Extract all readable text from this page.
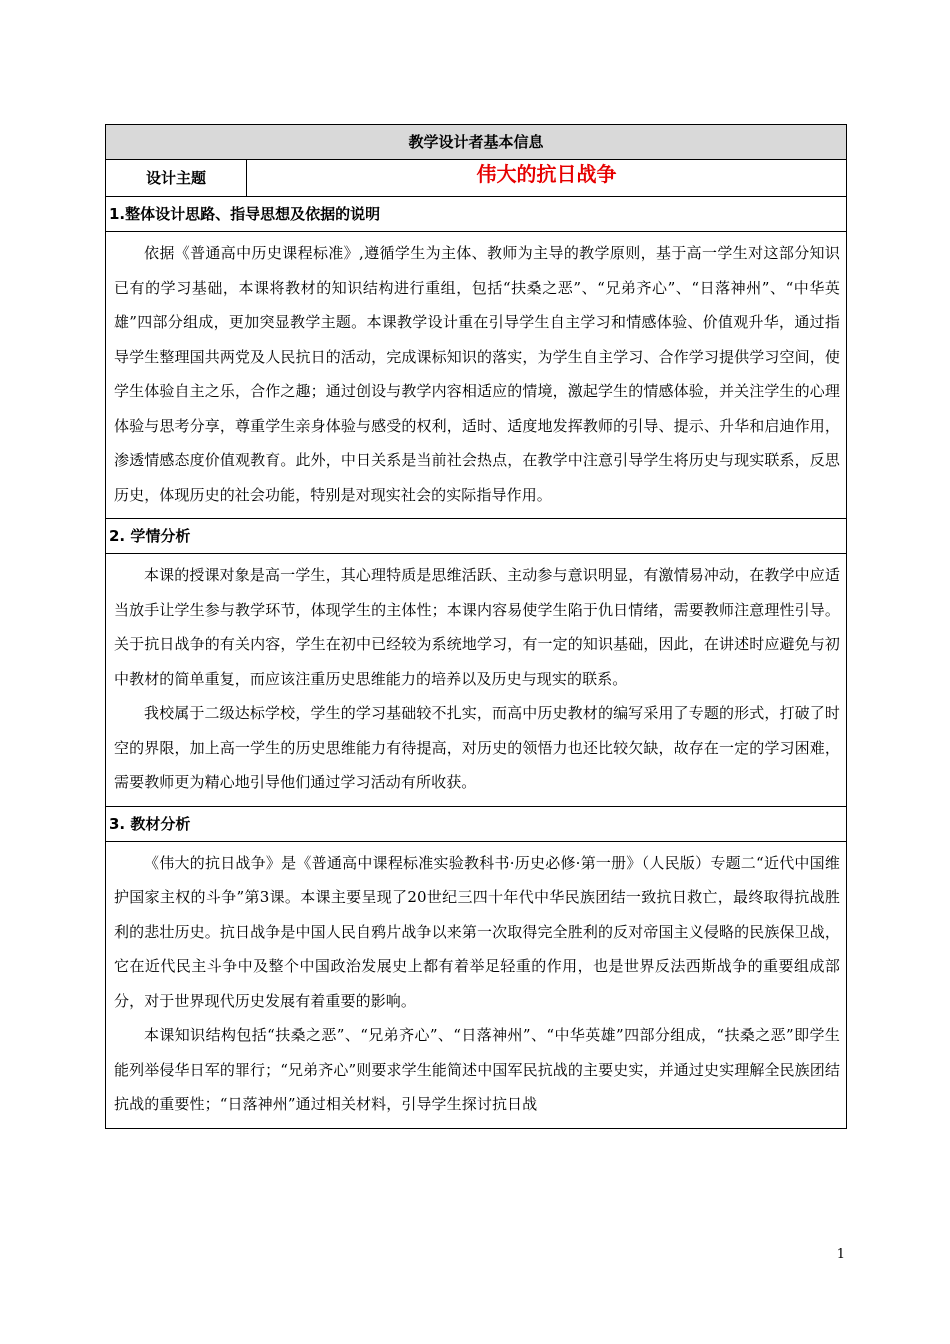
教学设计者基本信息
设计主题	伟大的抗日战争
1.整体设计思路、指导思想及依据的说明

依据《普通高中历史课程标准》,遵循学生为主体、教师为主导的教学原则，基于高一学生对这部分知识已有的学习基础，本课将教材的知识结构进行重组，包括“扶桑之恶”、“兄弟齐心”、“日落神州”、“中华英雄”四部分组成，更加突显教学主题。本课教学设计重在引导学生自主学习和情感体验、价值观升华，通过指导学生整理国共两党及人民抗日的活动，完成课标知识的落实，为学生自主学习、合作学习提供学习空间，使学生体验自主之乐，合作之趣；通过创设与教学内容相适应的情境，激起学生的情感体验，并关注学生的心理体验与思考分享，尊重学生亲身体验与感受的权利，适时、适度地发挥教师的引导、提示、升华和启迪作用，渗透情感态度价值观教育。此外，中日关系是当前社会热点，在教学中注意引导学生将历史与现实联系，反思历史，体现历史的社会功能，特别是对现实社会的实际指导作用。

2. 学情分析

本课的授课对象是高一学生，其心理特质是思维活跃、主动参与意识明显，有激情易冲动，在教学中应适当放手让学生参与教学环节，体现学生的主体性；本课内容易使学生陷于仇日情绪，需要教师注意理性引导。关于抗日战争的有关内容，学生在初中已经较为系统地学习，有一定的知识基础，因此，在讲述时应避免与初中教材的简单重复，而应该注重历史思维能力的培养以及历史与现实的联系。

我校属于二级达标学校，学生的学习基础较不扎实，而高中历史教材的编写采用了专题的形式，打破了时空的界限，加上高一学生的历史思维能力有待提高，对历史的领悟力也还比较欠缺，故存在一定的学习困难，需要教师更为精心地引导他们通过学习活动有所收获。

3. 教材分析

《伟大的抗日战争》是《普通高中课程标准实验教科书·历史必修·第一册》（人民版）专题二“近代中国维护国家主权的斗争”第3课。本课主要呈现了20世纪三四十年代中华民族团结一致抗日救亡，最终取得抗战胜利的悲壮历史。抗日战争是中国人民自鸦片战争以来第一次取得完全胜利的反对帝国主义侵略的民族保卫战，它在近代民主斗争中及整个中国政治发展史上都有着举足轻重的作用，也是世界反法西斯战争的重要组成部分，对于世界现代历史发展有着重要的影响。

本课知识结构包括“扶桑之恶”、“兄弟齐心”、“日落神州”、“中华英雄”四部分组成，“扶桑之恶”即学生能列举侵华日军的罪行；“兄弟齐心”则要求学生能简述中国军民抗战的主要史实，并通过史实理解全民族团结抗战的重要性；“日落神州”通过相关材料，引导学生探讨抗日战

1
